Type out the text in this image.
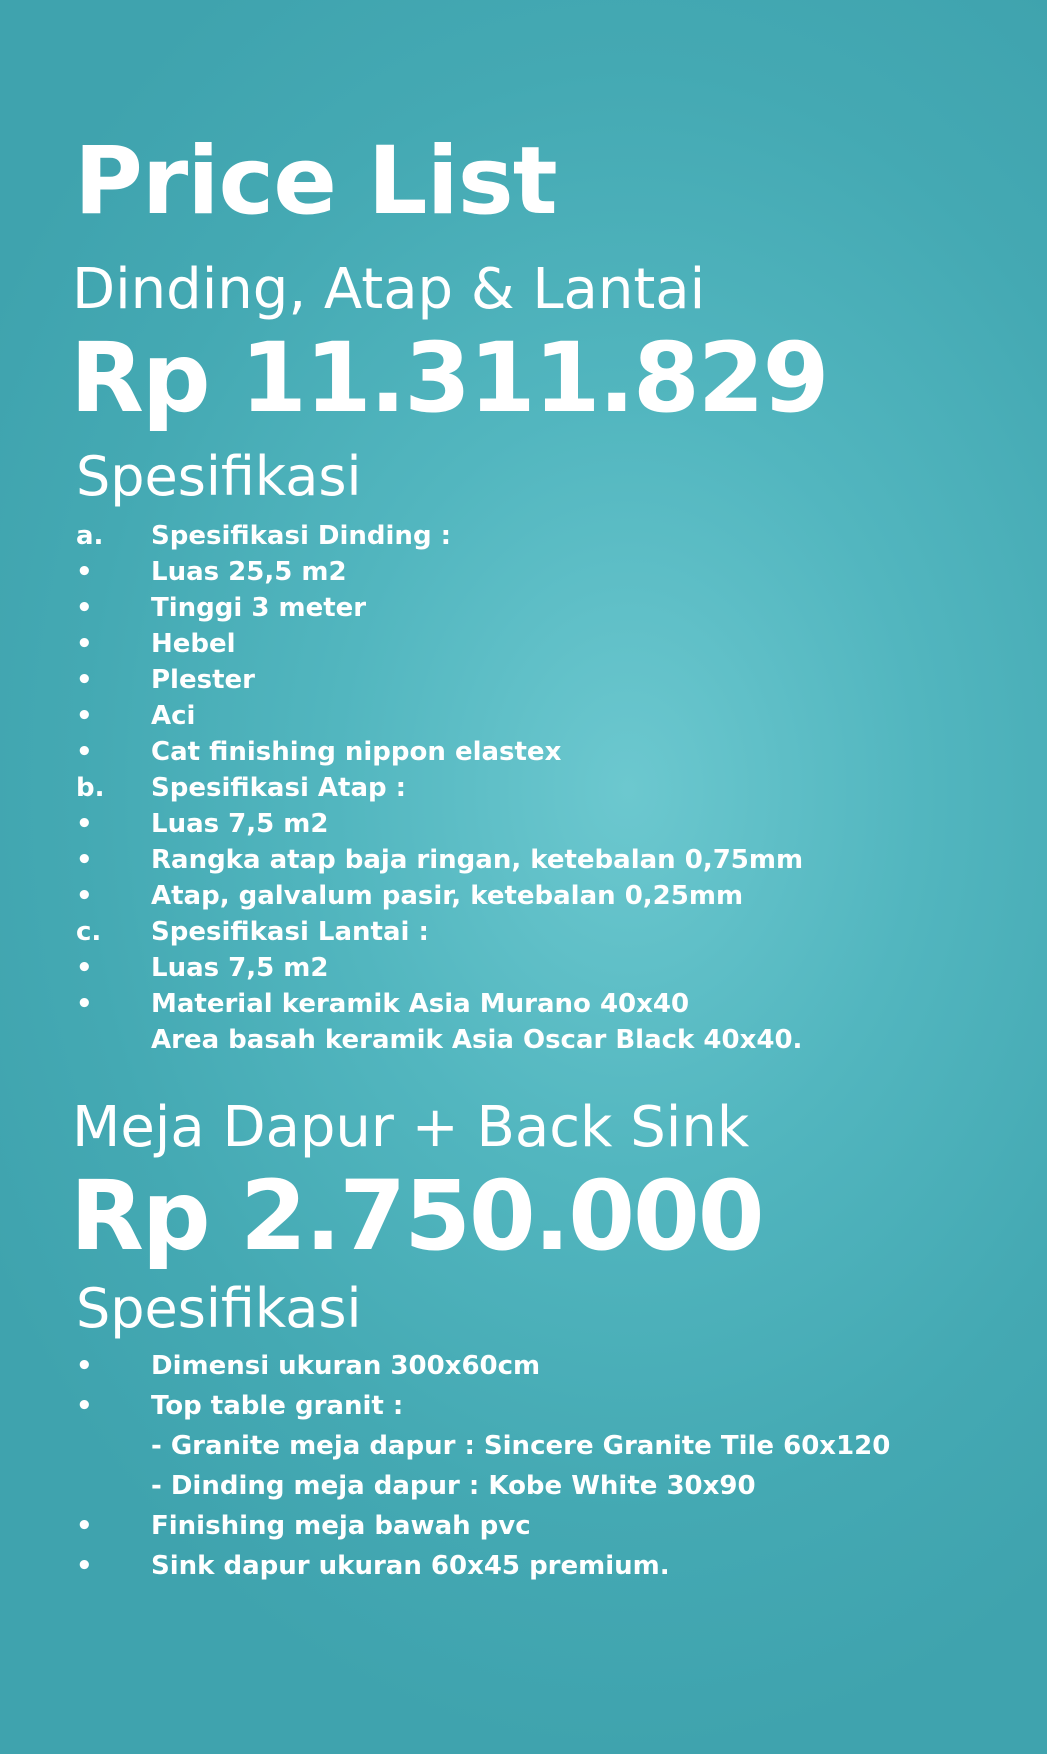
Price List
Dinding, Atap & Lantai
Rp 11.311.829
Spesifikasi
a.	Spesifikasi Dinding :
•	Luas 25,5 m2
•	Tinggi 3 meter
•	Hebel
•	Plester
•	Aci
•	Cat finishing nippon elastex
b.	Spesifikasi Atap :
•	Luas 7,5 m2
•	Rangka atap baja ringan, ketebalan 0,75mm
•	Atap, galvalum pasir, ketebalan 0,25mm
c.	Spesifikasi Lantai :
•	Luas 7,5 m2
•	Material keramik Asia Murano 40x40
Area basah keramik Asia Oscar Black 40x40.
Meja Dapur + Back Sink
Rp 2.750.000
Spesifikasi
•	Dimensi ukuran 300x60cm
•	Top table granit :
- Granite meja dapur : Sincere Granite Tile 60x120
- Dinding meja dapur : Kobe White 30x90
•	Finishing meja bawah pvc
•	Sink dapur ukuran 60x45 premium.
